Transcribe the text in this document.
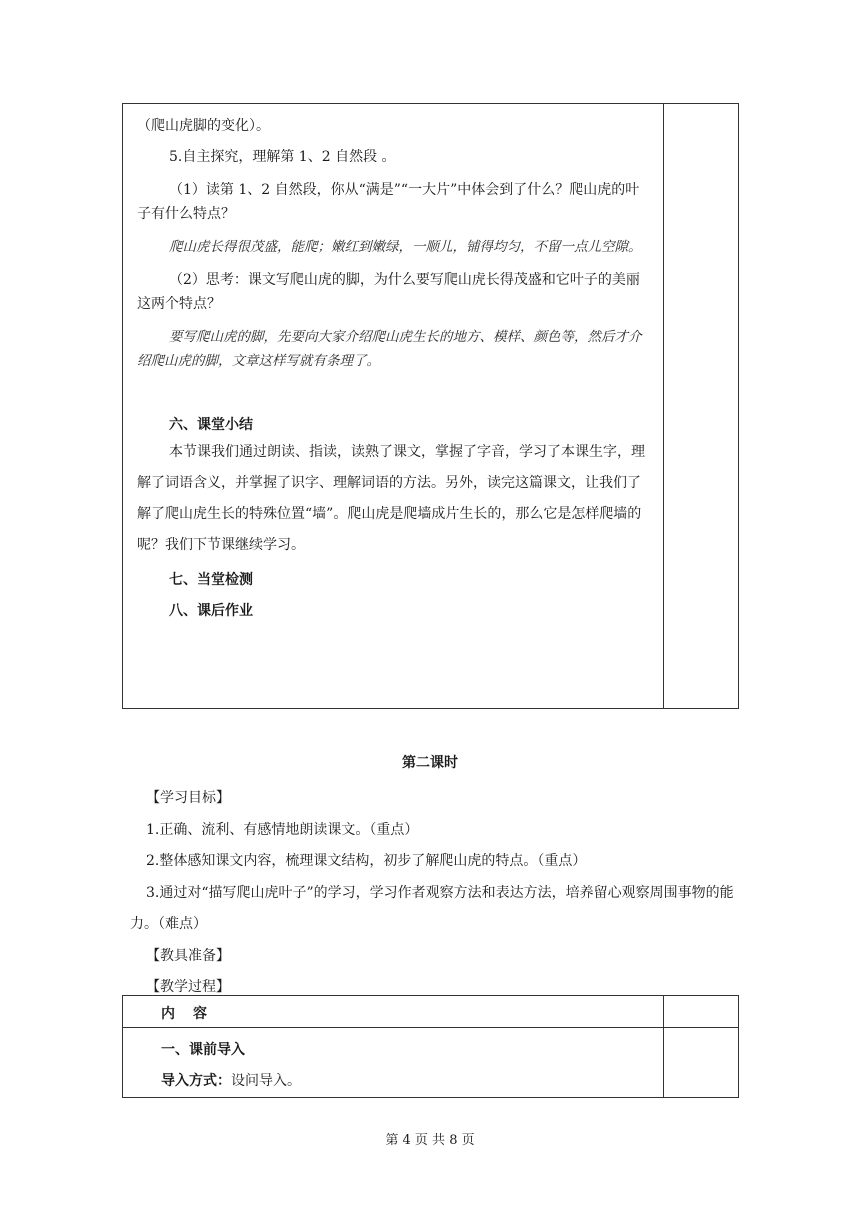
（爬山虎脚的变化）。

5.自主探究，理解第 1、2 自然段 。

（1）读第 1、2 自然段，你从“满是”“一大片”中体会到了什么？爬山虎的叶子有什么特点？

爬山虎长得很茂盛，能爬；嫩红到嫩绿，一顺儿，铺得均匀，不留一点儿空隙。

（2）思考：课文写爬山虎的脚，为什么要写爬山虎长得茂盛和它叶子的美丽这两个特点？

要写爬山虎的脚，先要向大家介绍爬山虎生长的地方、模样、颜色等，然后才介绍爬山虎的脚，文章这样写就有条理了。

六、课堂小结

本节课我们通过朗读、指读，读熟了课文，掌握了字音，学习了本课生字，理解了词语含义，并掌握了识字、理解词语的方法。另外，读完这篇课文，让我们了解了爬山虎生长的特殊位置“墙”。爬山虎是爬墙成片生长的，那么它是怎样爬墙的呢？我们下节课继续学习。

七、当堂检测

八、课后作业

第二课时

【学习目标】

1.正确、流利、有感情地朗读课文。（重点）

2.整体感知课文内容，梳理课文结构，初步了解爬山虎的特点。（重点）

3.通过对“描写爬山虎叶子”的学习，学习作者观察方法和表达方法，培养留心观察周围事物的能力。（难点）

【教具准备】

【教学过程】

内 容	

一、课前导入
导入方式：设问导入。	

第 4 页 共 8 页
